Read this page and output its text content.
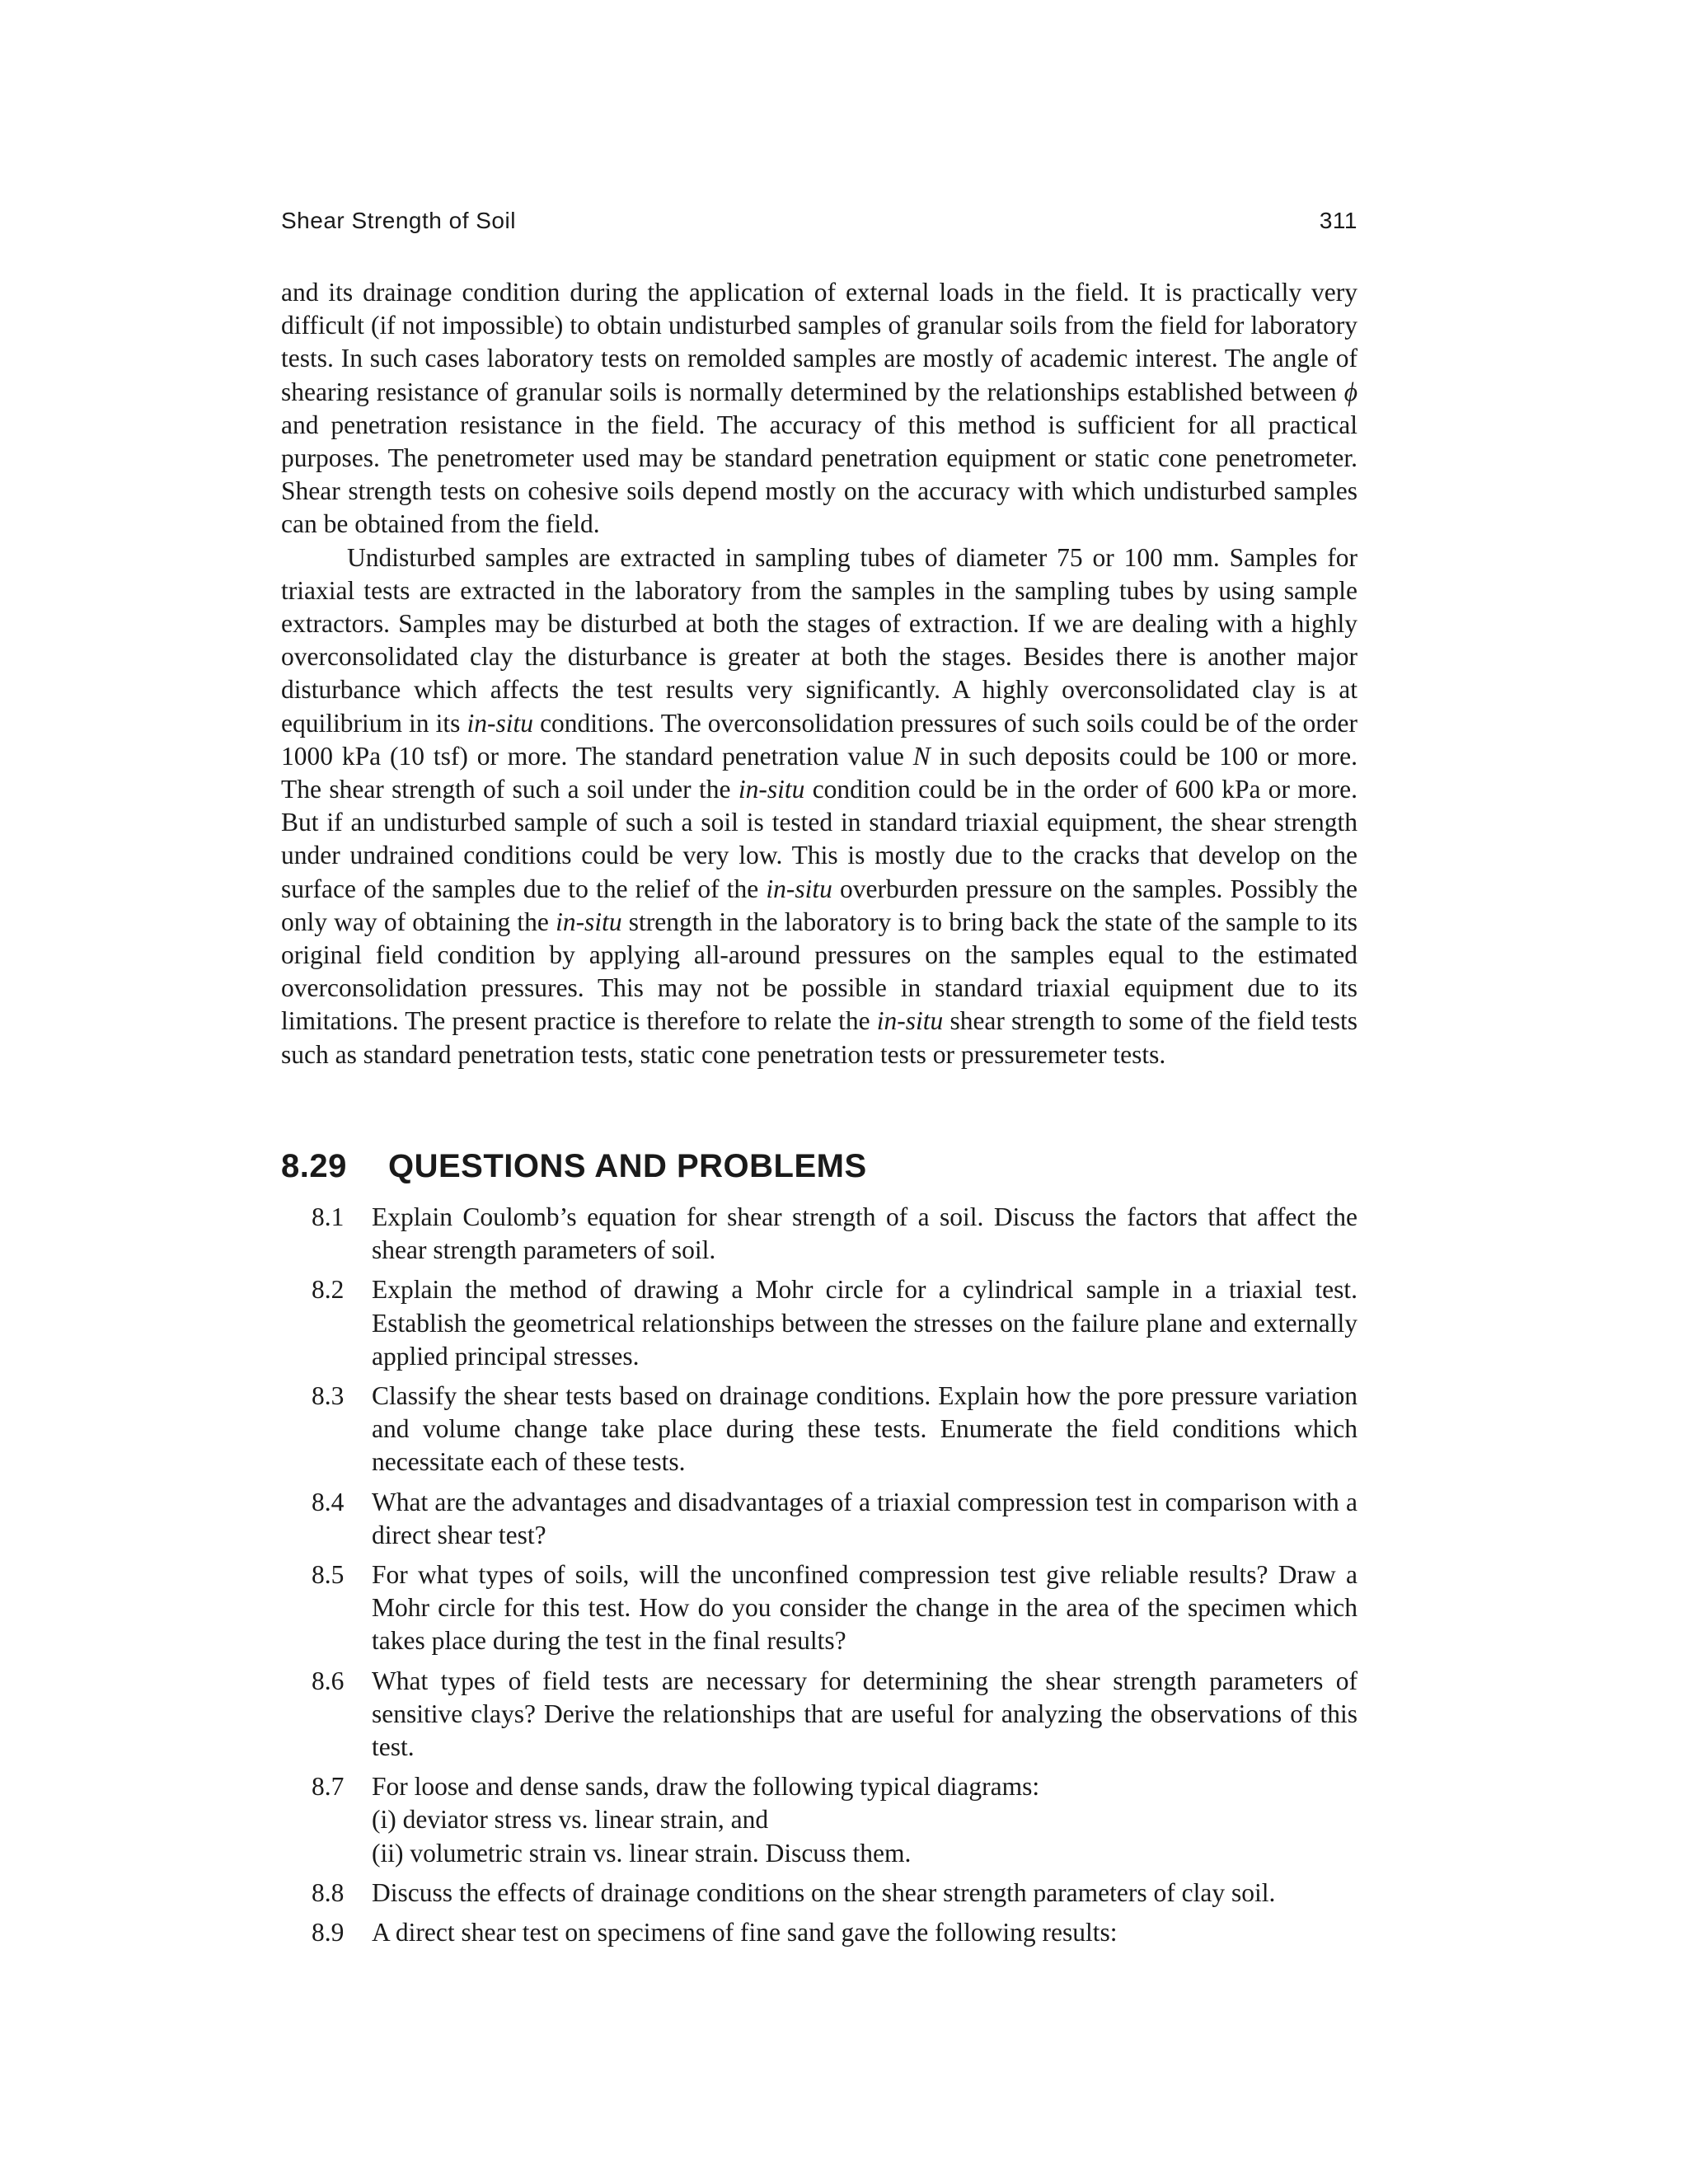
Shear Strength of Soil	311

and its drainage condition during the application of external loads in the field. It is practically very difficult (if not impossible) to obtain undisturbed samples of granular soils from the field for laboratory tests. In such cases laboratory tests on remolded samples are mostly of academic interest. The angle of shearing resistance of granular soils is normally determined by the relationships established between ϕ and penetration resistance in the field. The accuracy of this method is sufficient for all practical purposes. The penetrometer used may be standard penetration equipment or static cone penetrometer. Shear strength tests on cohesive soils depend mostly on the accuracy with which undisturbed samples can be obtained from the field.

Undisturbed samples are extracted in sampling tubes of diameter 75 or 100 mm. Samples for triaxial tests are extracted in the laboratory from the samples in the sampling tubes by using sample extractors. Samples may be disturbed at both the stages of extraction. If we are dealing with a highly overconsolidated clay the disturbance is greater at both the stages. Besides there is another major disturbance which affects the test results very significantly. A highly overconsolidated clay is at equilibrium in its in-situ conditions. The overconsolidation pressures of such soils could be of the order 1000 kPa (10 tsf) or more. The standard penetration value N in such deposits could be 100 or more. The shear strength of such a soil under the in-situ condition could be in the order of 600 kPa or more. But if an undisturbed sample of such a soil is tested in standard triaxial equipment, the shear strength under undrained conditions could be very low. This is mostly due to the cracks that develop on the surface of the samples due to the relief of the in-situ overburden pressure on the samples. Possibly the only way of obtaining the in-situ strength in the laboratory is to bring back the state of the sample to its original field condition by applying all-around pressures on the samples equal to the estimated overconsolidation pressures. This may not be possible in standard triaxial equipment due to its limitations. The present practice is therefore to relate the in-situ shear strength to some of the field tests such as standard penetration tests, static cone penetration tests or pressuremeter tests.

8.29 QUESTIONS AND PROBLEMS
8.1 Explain Coulomb’s equation for shear strength of a soil. Discuss the factors that affect the shear strength parameters of soil.
8.2 Explain the method of drawing a Mohr circle for a cylindrical sample in a triaxial test. Establish the geometrical relationships between the stresses on the failure plane and externally applied principal stresses.
8.3 Classify the shear tests based on drainage conditions. Explain how the pore pressure variation and volume change take place during these tests. Enumerate the field conditions which necessitate each of these tests.
8.4 What are the advantages and disadvantages of a triaxial compression test in comparison with a direct shear test?
8.5 For what types of soils, will the unconfined compression test give reliable results? Draw a Mohr circle for this test. How do you consider the change in the area of the specimen which takes place during the test in the final results?
8.6 What types of field tests are necessary for determining the shear strength parameters of sensitive clays? Derive the relationships that are useful for analyzing the observations of this test.
8.7 For loose and dense sands, draw the following typical diagrams:
(i) deviator stress vs. linear strain, and
(ii) volumetric strain vs. linear strain. Discuss them.
8.8 Discuss the effects of drainage conditions on the shear strength parameters of clay soil.
8.9 A direct shear test on specimens of fine sand gave the following results:
